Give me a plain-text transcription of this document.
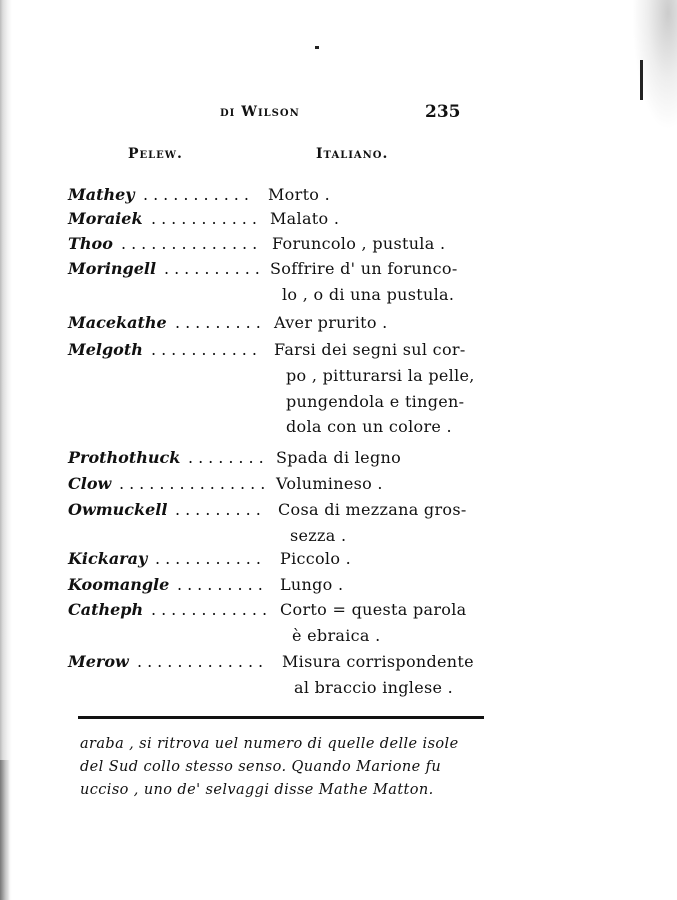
di Wilson	235
Pelew.	Italiano.
Mathey ........... Morto .
Moraiek ........... Malato .
Thoo .............. Foruncolo , pustula .
Moringell .......... Soffrire d' un forunco-
lo , o di una pustula.
Macekathe ......... Aver prurito .
Melgoth ........... Farsi dei segni sul cor-
po , pitturarsi la pelle,
pungendola e tingen-
dola con un colore .
Prothothuck ........ Spada di legno
Clow ............... Volumineso .
Owmuckell ......... Cosa di mezzana gros-
sezza .
Kickaray ........... Piccolo .
Koomangle ......... Lungo .
Catheph ............ Corto = questa parola
è ebraica .
Merow ............. Misura corrispondente
al braccio inglese .
araba , si ritrova uel numero di quelle delle isole
del Sud collo stesso senso. Quando Marione fu
ucciso , uno de' selvaggi disse Mathe Matton.
